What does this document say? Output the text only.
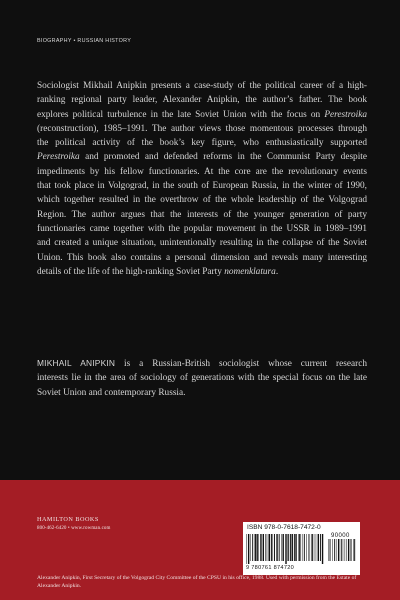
BIOGRAPHY • RUSSIAN HISTORY
Sociologist Mikhail Anipkin presents a case-study of the political career of a high-
ranking regional party leader, Alexander Anipkin, the author’s father. The book
explores political turbulence in the late Soviet Union with the focus on Perestroika
(reconstruction), 1985–1991. The author views those momentous processes through
the political activity of the book’s key figure, who enthusiastically supported
Perestroika and promoted and defended reforms in the Communist Party despite
impediments by his fellow functionaries. At the core are the revolutionary events
that took place in Volgograd, in the south of European Russia, in the winter of 1990,
which together resulted in the overthrow of the whole leadership of the Volgograd
Region. The author argues that the interests of the younger generation of party
functionaries came together with the popular movement in the USSR in 1989–1991
and created a unique situation, unintentionally resulting in the collapse of the Soviet
Union. This book also contains a personal dimension and reveals many interesting
details of the life of the high-ranking Soviet Party nomenklatura.
MIKHAIL ANIPKIN is a Russian-British sociologist whose current research
interests lie in the area of sociology of generations with the special focus on the late
Soviet Union and contemporary Russia.
HAMILTON BOOKS
800-462-6420 • www.rowman.com	ISBN 978-0-7618-7472-0
90000
9 780761 874720
Alexander Anipkin, First Secretary of the Volgograd City Committee of the CPSU in his office, 1988. Used with permission from the Estate of Alexander Anipkin.
